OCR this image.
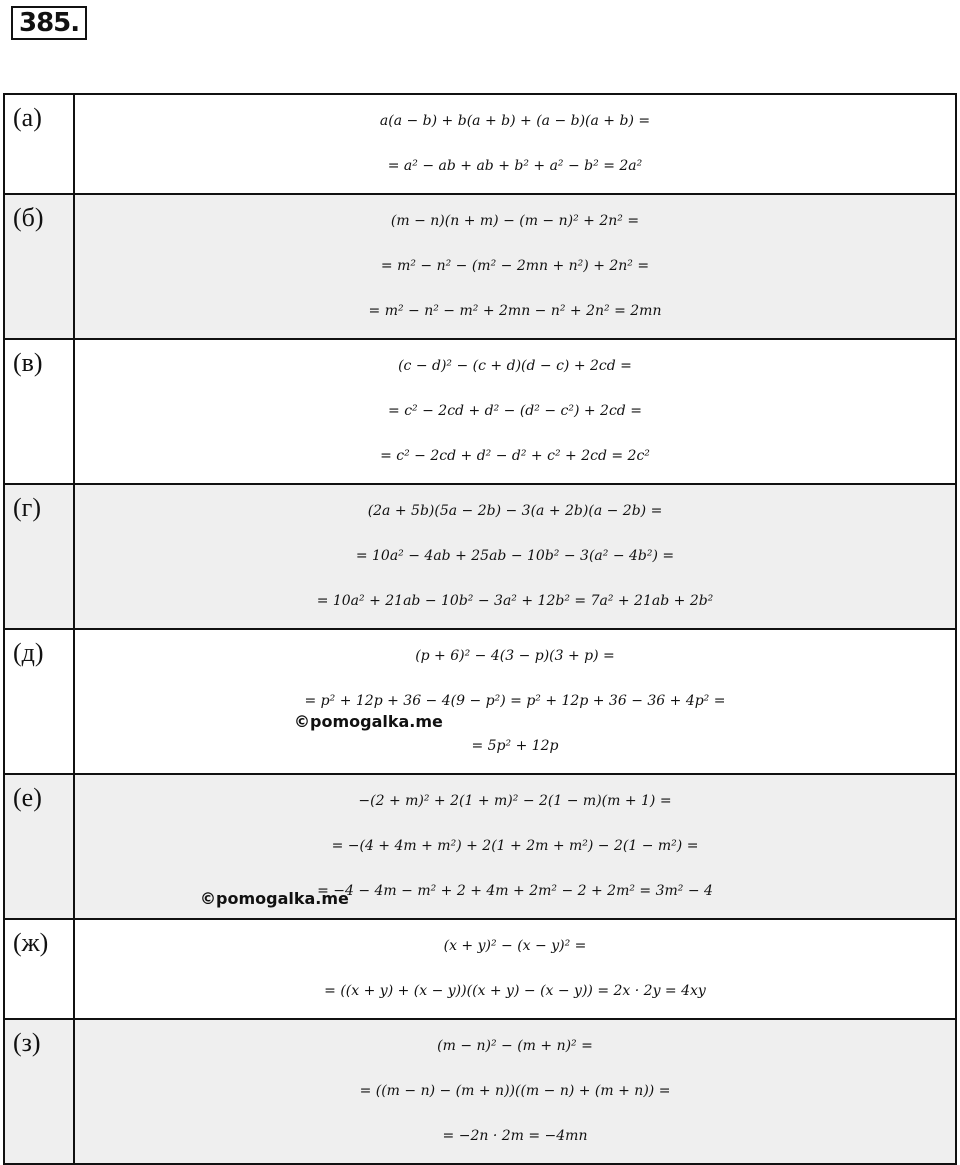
385.
(а)	a(a − b) + b(a + b) + (a − b)(a + b) =
= a² − ab + ab + b² + a² − b² = 2a²

(б)	(m − n)(n + m) − (m − n)² + 2n² =
= m² − n² − (m² − 2mn + n²) + 2n² =
= m² − n² − m² + 2mn − n² + 2n² = 2mn

(в)	(c − d)² − (c + d)(d − c) + 2cd =
= c² − 2cd + d² − (d² − c²) + 2cd =
= c² − 2cd + d² − d² + c² + 2cd = 2c²

(г)	(2a + 5b)(5a − 2b) − 3(a + 2b)(a − 2b) =
= 10a² − 4ab + 25ab − 10b² − 3(a² − 4b²) =
= 10a² + 21ab − 10b² − 3a² + 12b² = 7a² + 21ab + 2b²

(д)	(p + 6)² − 4(3 − p)(3 + p) =
= p² + 12p + 36 − 4(9 − p²) = p² + 12p + 36 − 36 + 4p² =
= 5p² + 12p

(е)	−(2 + m)² + 2(1 + m)² − 2(1 − m)(m + 1) =
= −(4 + 4m + m²) + 2(1 + 2m + m²) − 2(1 − m²) =
= −4 − 4m − m² + 2 + 4m + 2m² − 2 + 2m² = 3m² − 4

(ж)	(x + y)² − (x − y)² =
= ((x + y) + (x − y))((x + y) − (x − y)) = 2x · 2y = 4xy

(з)	(m − n)² − (m + n)² =
= ((m − n) − (m + n))((m − n) + (m + n)) =
= −2n · 2m = −4mn
©pomogalka.me
©pomogalka.me
